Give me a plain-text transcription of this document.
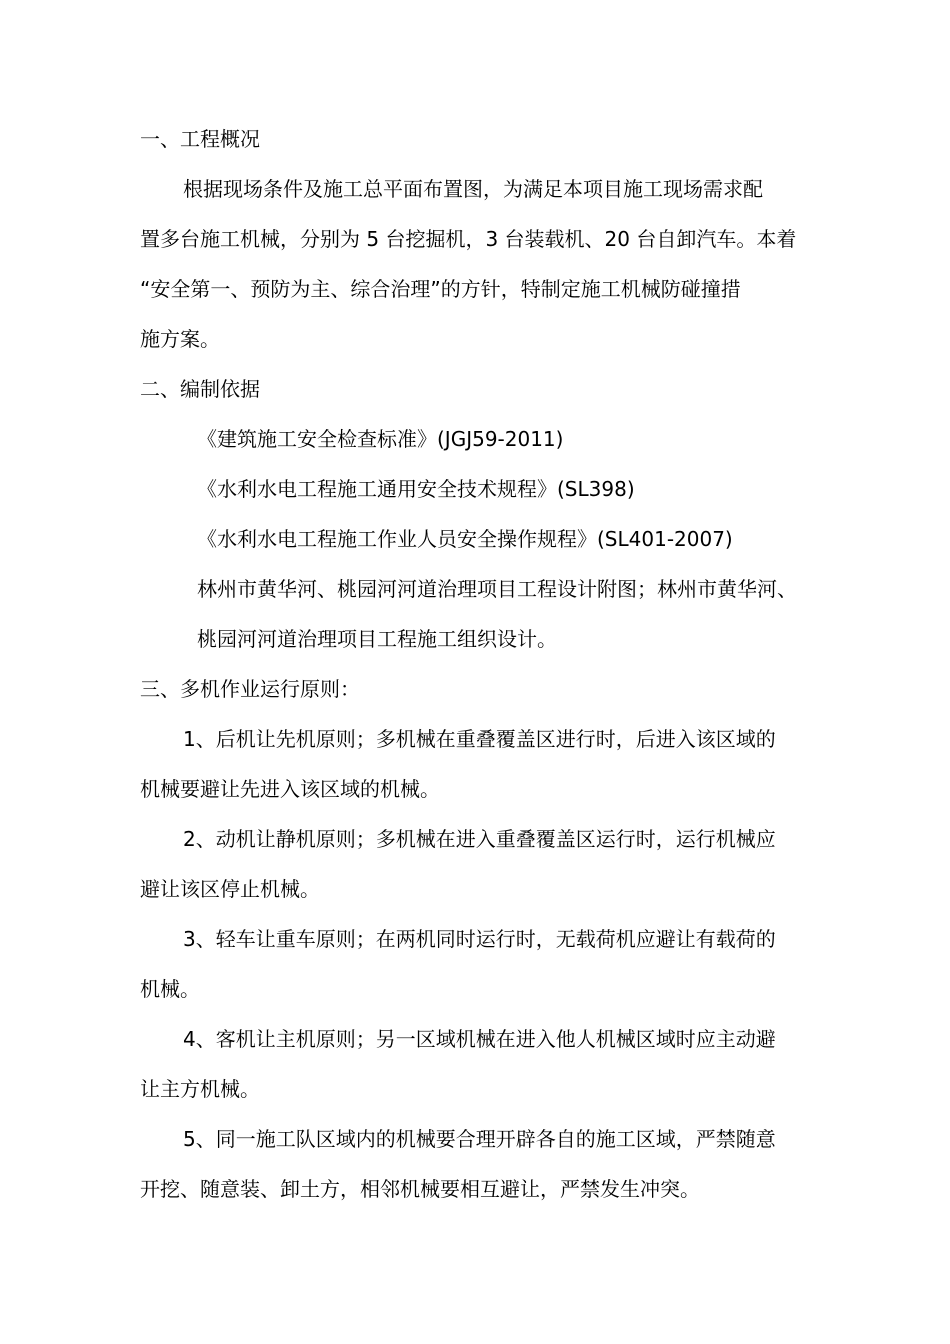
一、工程概况

根据现场条件及施工总平面布置图，为满足本项目施工现场需求配

置多台施工机械，分别为 5 台挖掘机，3 台装载机、20 台自卸汽车。本着

“安全第一、预防为主、综合治理”的方针，特制定施工机械防碰撞措

施方案。

二、编制依据

《建筑施工安全检查标准》(JGJ59-2011)

《水利水电工程施工通用安全技术规程》(SL398)

《水利水电工程施工作业人员安全操作规程》(SL401-2007)

林州市黄华河、桃园河河道治理项目工程设计附图；林州市黄华河、

桃园河河道治理项目工程施工组织设计。

三、多机作业运行原则：

1、后机让先机原则；多机械在重叠覆盖区进行时，后进入该区域的

机械要避让先进入该区域的机械。

2、动机让静机原则；多机械在进入重叠覆盖区运行时，运行机械应

避让该区停止机械。

3、轻车让重车原则；在两机同时运行时，无载荷机应避让有载荷的

机械。

4、客机让主机原则；另一区域机械在进入他人机械区域时应主动避

让主方机械。

5、同一施工队区域内的机械要合理开辟各自的施工区域，严禁随意

开挖、随意装、卸土方，相邻机械要相互避让，严禁发生冲突。
